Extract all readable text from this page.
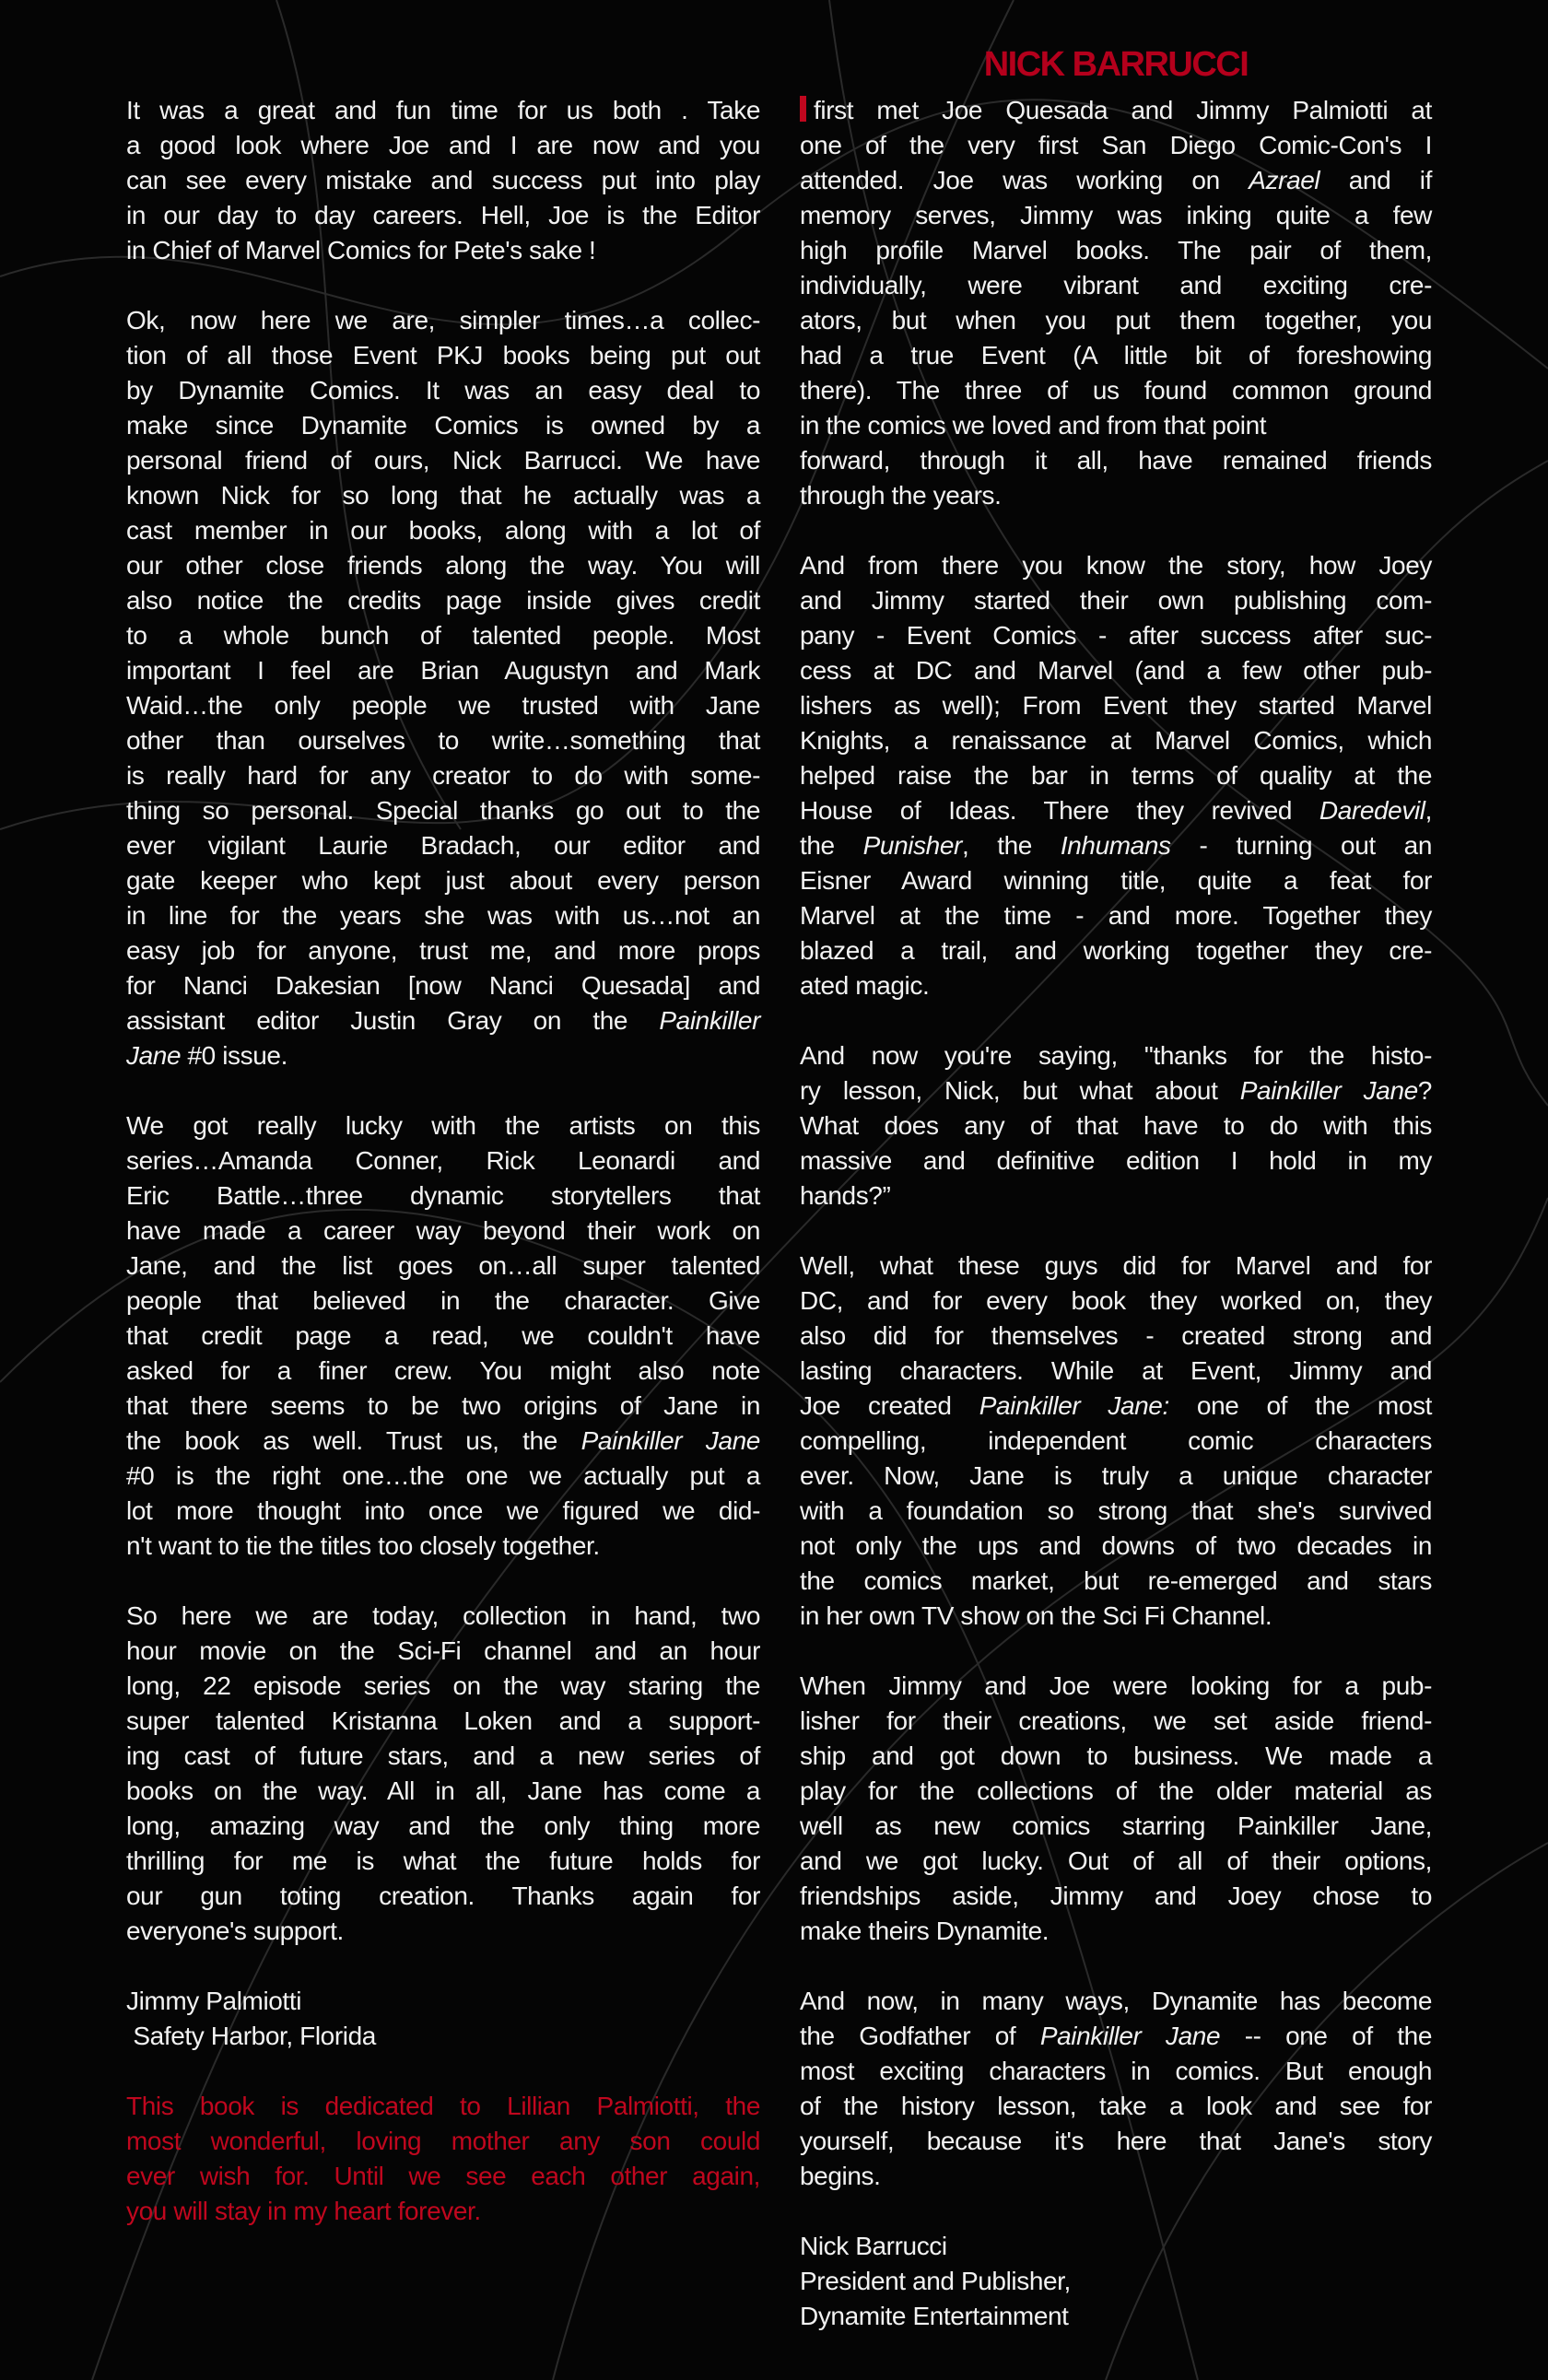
NICK BARRUCCI
It was a great and fun time for us both . Take
a good look where Joe and I are now and you
can see every mistake and success put into play
in our day to day careers. Hell, Joe is the Editor
in Chief of Marvel Comics for Pete's sake !
Ok, now here we are, simpler times…a collec-
tion of all those Event PKJ books being put out
by Dynamite Comics. It was an easy deal to
make since Dynamite Comics is owned by a
personal friend of ours, Nick Barrucci. We have
known Nick for so long that he actually was a
cast member in our books, along with a lot of
our other close friends along the way. You will
also notice the credits page inside gives credit
to a whole bunch of talented people. Most
important I feel are Brian Augustyn and Mark
Waid…the only people we trusted with Jane
other than ourselves to write…something that
is really hard for any creator to do with some-
thing so personal. Special thanks go out to the
ever vigilant Laurie Bradach, our editor and
gate keeper who kept just about every person
in line for the years she was with us…not an
easy job for anyone, trust me, and more props
for Nanci Dakesian [now Nanci Quesada] and
assistant editor Justin Gray on the Painkiller
Jane #0 issue.
We got really lucky with the artists on this
series…Amanda Conner, Rick Leonardi and
Eric Battle…three dynamic storytellers that
have made a career way beyond their work on
Jane, and the list goes on…all super talented
people that believed in the character. Give
that credit page a read, we couldn't have
asked for a finer crew. You might also note
that there seems to be two origins of Jane in
the book as well. Trust us, the Painkiller Jane
#0 is the right one…the one we actually put a
lot more thought into once we figured we did-
n't want to tie the titles too closely together.
So here we are today, collection in hand, two
hour movie on the Sci-Fi channel and an hour
long, 22 episode series on the way staring the
super talented Kristanna Loken and a support-
ing cast of future stars, and a new series of
books on the way. All in all, Jane has come a
long, amazing way and the only thing more
thrilling for me is what the future holds for
our gun toting creation. Thanks again for
everyone's support.
Jimmy Palmiotti
Safety Harbor, Florida
This book is dedicated to Lillian Palmiotti, the
most wonderful, loving mother any son could
ever wish for. Until we see each other again,
you will stay in my heart forever.
first met Joe Quesada and Jimmy Palmiotti at
one of the very first San Diego Comic-Con's I
attended. Joe was working on Azrael and if
memory serves, Jimmy was inking quite a few
high profile Marvel books. The pair of them,
individually, were vibrant and exciting cre-
ators, but when you put them together, you
had a true Event (A little bit of foreshowing
there). The three of us found common ground
in the comics we loved and from that point
forward, through it all, have remained friends
through the years.
And from there you know the story, how Joey
and Jimmy started their own publishing com-
pany - Event Comics - after success after suc-
cess at DC and Marvel (and a few other pub-
lishers as well); From Event they started Marvel
Knights, a renaissance at Marvel Comics, which
helped raise the bar in terms of quality at the
House of Ideas. There they revived Daredevil,
the Punisher, the Inhumans - turning out an
Eisner Award winning title, quite a feat for
Marvel at the time - and more. Together they
blazed a trail, and working together they cre-
ated magic.
And now you're saying, "thanks for the histo-
ry lesson, Nick, but what about Painkiller Jane?
What does any of that have to do with this
massive and definitive edition I hold in my
hands?”
Well, what these guys did for Marvel and for
DC, and for every book they worked on, they
also did for themselves - created strong and
lasting characters. While at Event, Jimmy and
Joe created Painkiller Jane: one of the most
compelling, independent comic characters
ever. Now, Jane is truly a unique character
with a foundation so strong that she's survived
not only the ups and downs of two decades in
the comics market, but re-emerged and stars
in her own TV show on the Sci Fi Channel.
When Jimmy and Joe were looking for a pub-
lisher for their creations, we set aside friend-
ship and got down to business. We made a
play for the collections of the older material as
well as new comics starring Painkiller Jane,
and we got lucky. Out of all of their options,
friendships aside, Jimmy and Joey chose to
make theirs Dynamite.
And now, in many ways, Dynamite has become
the Godfather of Painkiller Jane -- one of the
most exciting characters in comics. But enough
of the history lesson, take a look and see for
yourself, because it's here that Jane's story
begins.
Nick Barrucci
President and Publisher,
Dynamite Entertainment
